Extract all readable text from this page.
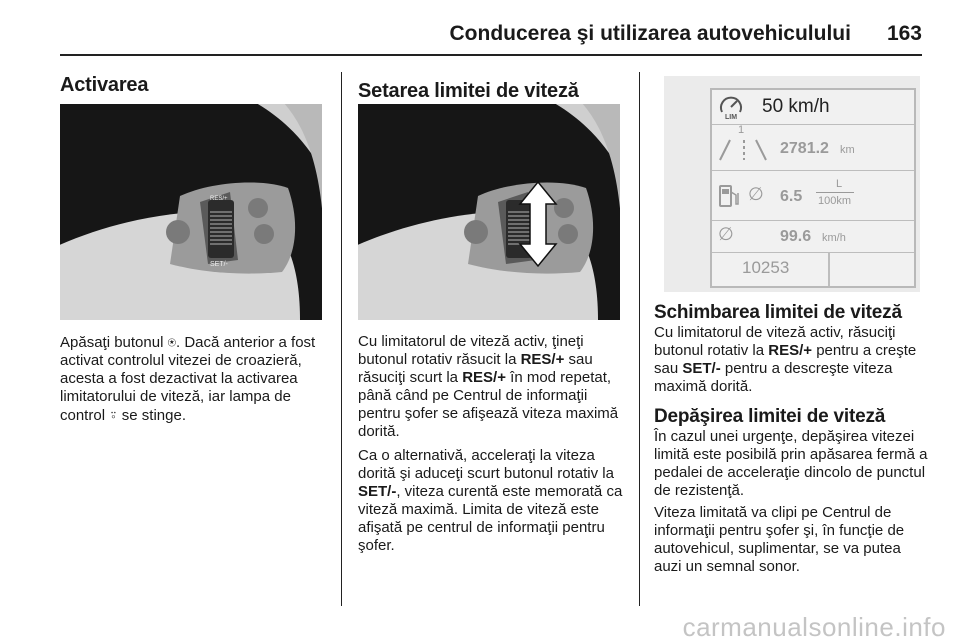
Conducerea şi utilizarea autovehiculului 163
Activarea
RES/+
SET/-

Apăsaţi butonul ⍟. Dacă anterior a fost activat controlul vitezei de croazieră, acesta a fost dezactivat la activarea limitatorului de viteză, iar lampa de control ⍤ se stinge.

Setarea limitei de viteză

Cu limitatorul de viteză activ, ţineţi butonul rotativ răsucit la RES/+ sau răsuciţi scurt la RES/+ în mod repetat, până când pe Centrul de informaţii pentru şofer se afişează viteza maximă dorită.

Ca o alternativă, acceleraţi la viteza dorită şi aduceţi scurt butonul rotativ la SET/-, viteza curentă este memorată ca viteză maximă. Limita de viteză este afişată pe centrul de informaţii pentru şofer.

LIM
50 km/h
1
2781.2 km
∅ 6.5
L
100km
∅	99.6 km/h
10253
Schimbarea limitei de viteză

Cu limitatorul de viteză activ, răsuciţi butonul rotativ la RES/+ pentru a creşte sau SET/- pentru a descreşte viteza maximă dorită.

Depăşirea limitei de viteză

În cazul unei urgenţe, depăşirea vitezei limită este posibilă prin apăsarea fermă a pedalei de acceleraţie dincolo de punctul de rezistenţă.

Viteza limitată va clipi pe Centrul de informaţii pentru şofer şi, în funcţie de autovehicul, suplimentar, se va putea auzi un semnal sonor.

carmanualsonline.info
